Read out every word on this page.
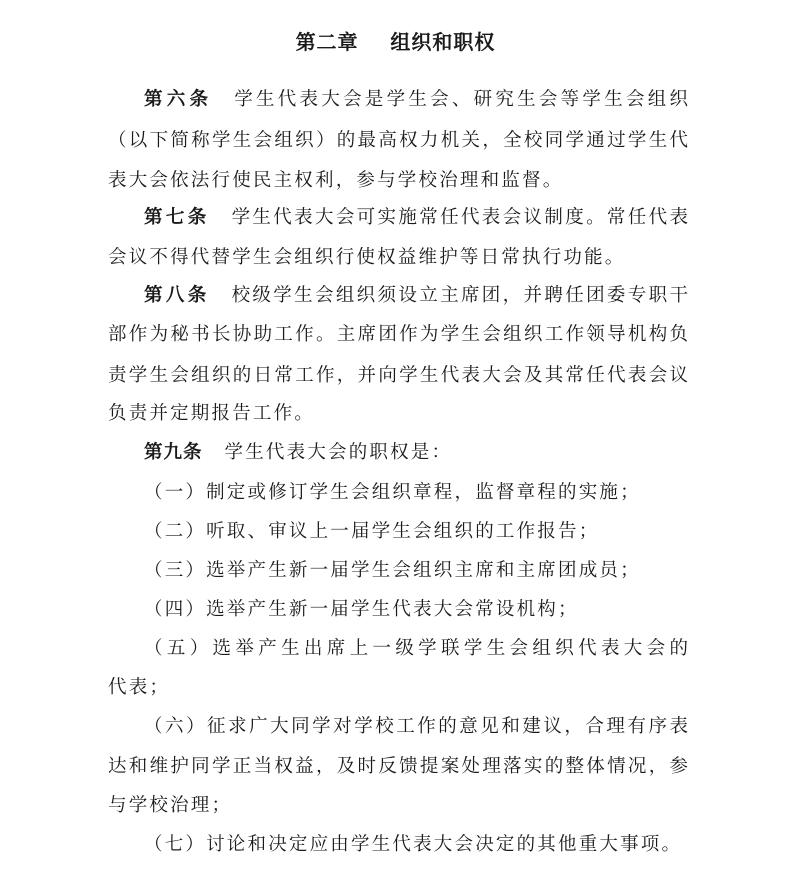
第二章    组织和职权
第六条 学生代表大会是学生会、研究生会等学生会组织
（以下简称学生会组织）的最高权力机关，全校同学通过学生代
表大会依法行使民主权利，参与学校治理和监督。
第七条 学生代表大会可实施常任代表会议制度。常任代表
会议不得代替学生会组织行使权益维护等日常执行功能。
第八条 校级学生会组织须设立主席团，并聘任团委专职干
部作为秘书长协助工作。主席团作为学生会组织工作领导机构负
责学生会组织的日常工作，并向学生代表大会及其常任代表会议
负责并定期报告工作。
第九条 学生代表大会的职权是：
（一）制定或修订学生会组织章程，监督章程的实施；
（二）听取、审议上一届学生会组织的工作报告；
（三）选举产生新一届学生会组织主席和主席团成员；
（四）选举产生新一届学生代表大会常设机构；
（五）选举产生出席上一级学联学生会组织代表大会的
代表；
（六）征求广大同学对学校工作的意见和建议，合理有序表
达和维护同学正当权益，及时反馈提案处理落实的整体情况，参
与学校治理；
（七）讨论和决定应由学生代表大会决定的其他重大事项。
